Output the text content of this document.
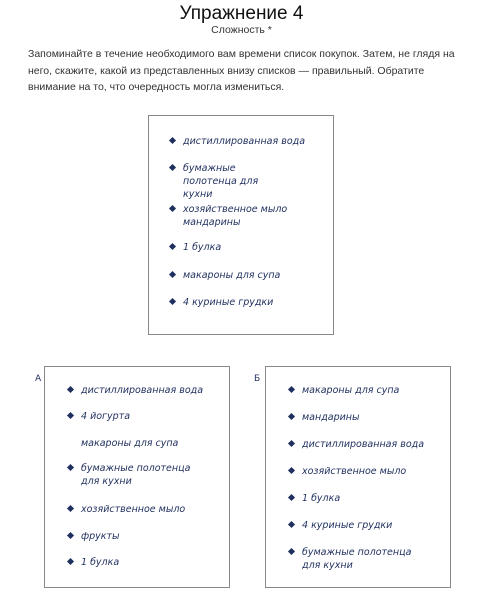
Упражнение 4
Сложность *
Запоминайте в течение необходимого вам времени список покупок. Затем, не глядя на него, скажите, какой из представленных внизу списков — правильный. Обратите внимание на то, что очередность могла измениться.
дистиллированная вода
бумажные полотенца для кухни
хозяйственное мыло мандарины
1 булка
макароны для супа
4 куриные грудки
А
дистиллированная вода
4 йогурта
макароны для супа
бумажные полотенца для кухни
хозяйственное мыло
фрукты
1 булка
Б
макароны для супа
мандарины
дистиллированная вода
хозяйственное мыло
1 булка
4 куриные грудки
бумажные полотенца для кухни
